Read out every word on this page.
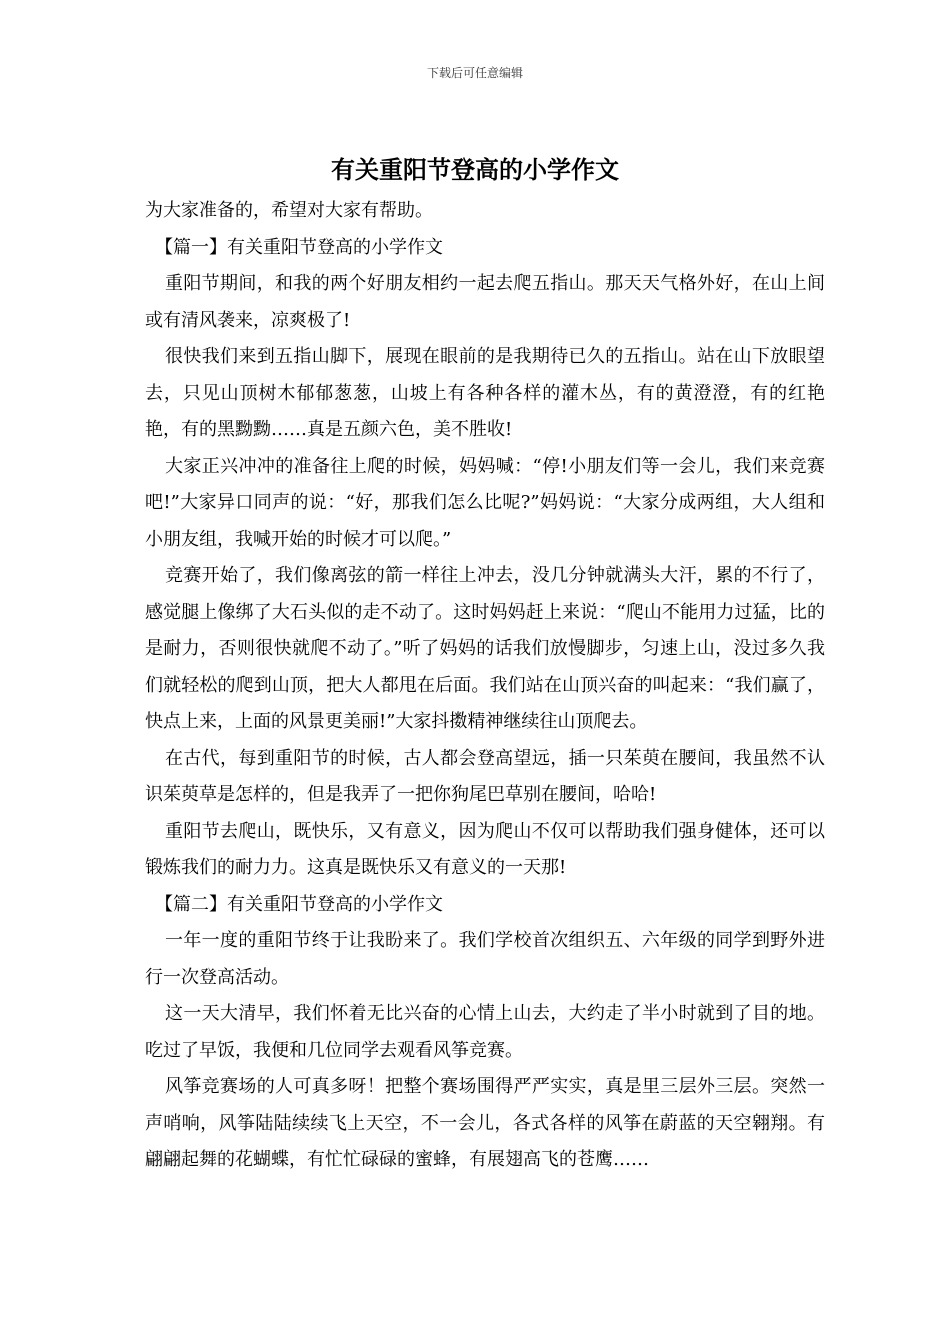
下载后可任意编辑
有关重阳节登高的小学作文

为大家准备的，希望对大家有帮助。

【篇一】有关重阳节登高的小学作文

重阳节期间，和我的两个好朋友相约一起去爬五指山。那天天气格外好，在山上间或有清风袭来，凉爽极了!

很快我们来到五指山脚下，展现在眼前的是我期待已久的五指山。站在山下放眼望去，只见山顶树木郁郁葱葱，山坡上有各种各样的灌木丛，有的黄澄澄，有的红艳艳，有的黑黝黝……真是五颜六色，美不胜收!

大家正兴冲冲的准备往上爬的时候，妈妈喊：“停!小朋友们等一会儿，我们来竞赛吧!”大家异口同声的说：“好，那我们怎么比呢?”妈妈说：“大家分成两组，大人组和小朋友组，我喊开始的时候才可以爬。”

竞赛开始了，我们像离弦的箭一样往上冲去，没几分钟就满头大汗，累的不行了，感觉腿上像绑了大石头似的走不动了。这时妈妈赶上来说：“爬山不能用力过猛，比的是耐力，否则很快就爬不动了。”听了妈妈的话我们放慢脚步，匀速上山，没过多久我们就轻松的爬到山顶，把大人都甩在后面。我们站在山顶兴奋的叫起来：“我们赢了，快点上来，上面的风景更美丽!”大家抖擞精神继续往山顶爬去。

在古代，每到重阳节的时候，古人都会登高望远，插一只茱萸在腰间，我虽然不认识茱萸草是怎样的，但是我弄了一把你狗尾巴草别在腰间，哈哈!

重阳节去爬山，既快乐，又有意义，因为爬山不仅可以帮助我们强身健体，还可以锻炼我们的耐力力。这真是既快乐又有意义的一天那!

【篇二】有关重阳节登高的小学作文

一年一度的重阳节终于让我盼来了。我们学校首次组织五、六年级的同学到野外进行一次登高活动。

这一天大清早，我们怀着无比兴奋的心情上山去，大约走了半小时就到了目的地。吃过了早饭，我便和几位同学去观看风筝竞赛。

风筝竞赛场的人可真多呀！把整个赛场围得严严实实，真是里三层外三层。突然一声哨响，风筝陆陆续续飞上天空，不一会儿，各式各样的风筝在蔚蓝的天空翱翔。有翩翩起舞的花蝴蝶，有忙忙碌碌的蜜蜂，有展翅高飞的苍鹰……
